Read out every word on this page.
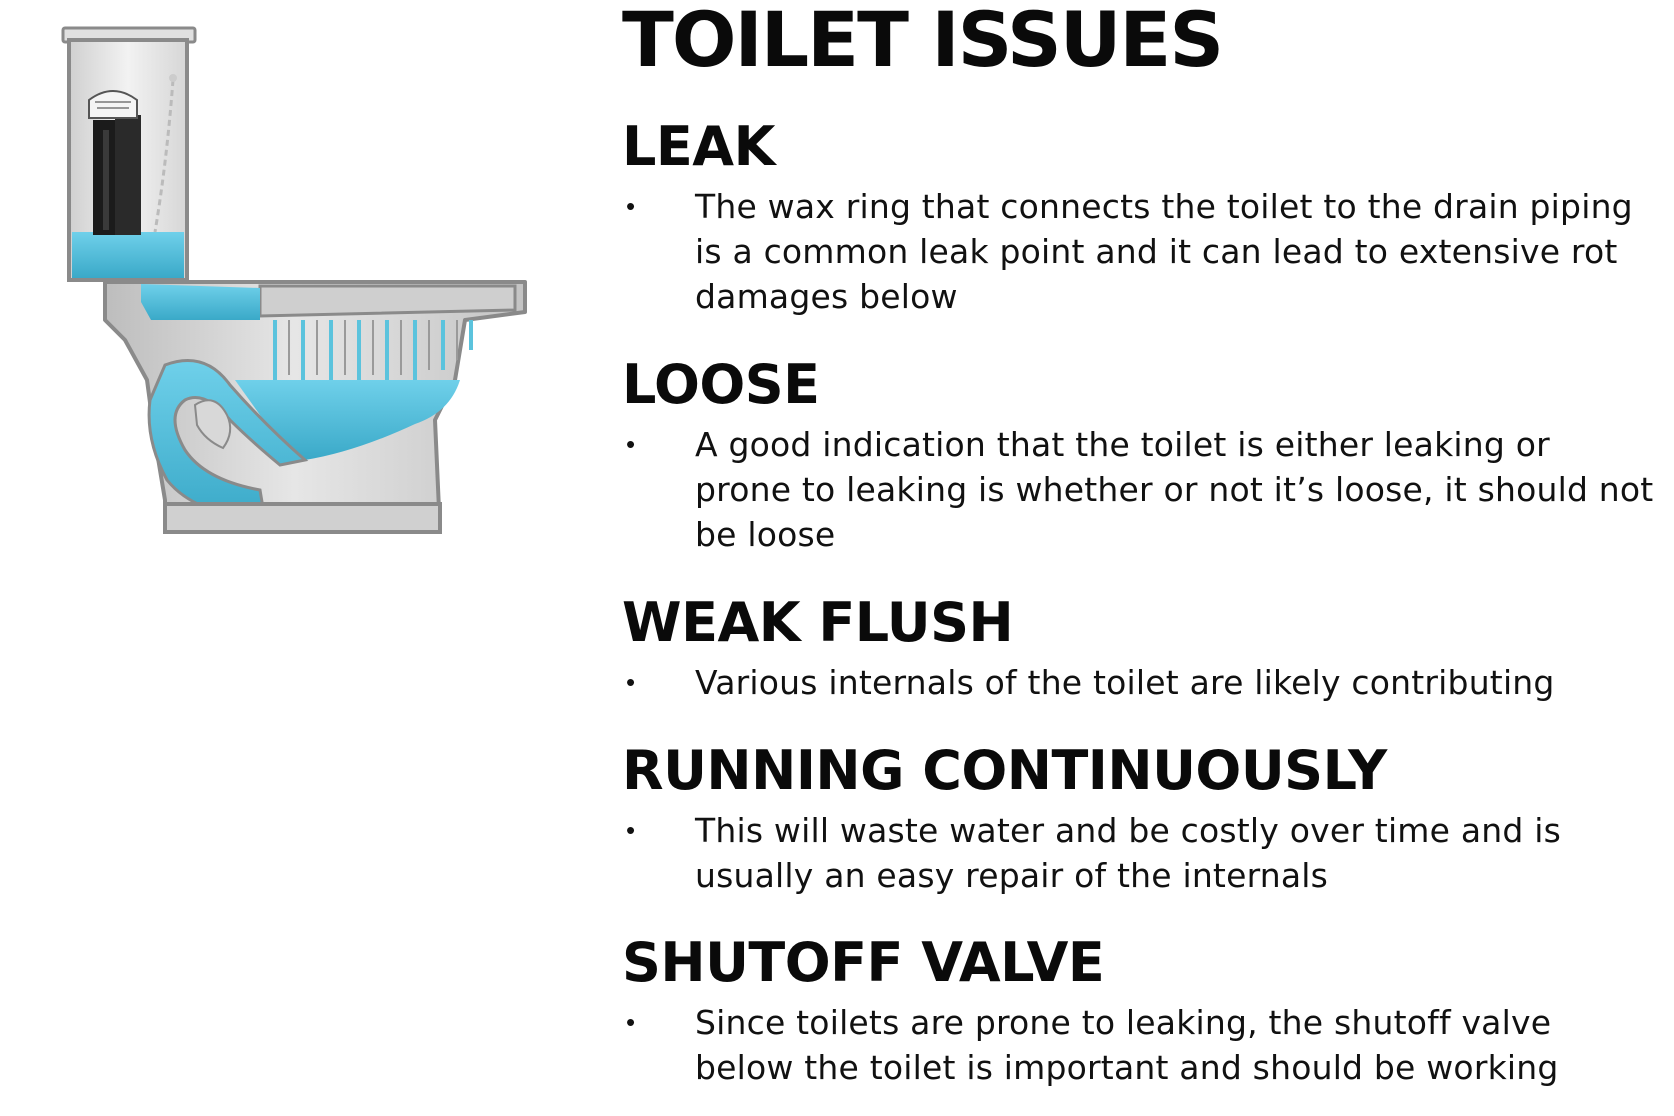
TOILET ISSUES
LEAK
• The wax ring that connects the toilet to the drain piping is a common leak point and it can lead to extensive rot damages below
LOOSE
• A good indication that the toilet is either leaking or prone to leaking is whether or not it’s loose, it should not be loose
WEAK FLUSH
• Various internals of the toilet are likely contributing
RUNNING CONTINUOUSLY
• This will waste water and be costly over time and is usually an easy repair of the internals
SHUTOFF VALVE
• Since toilets are prone to leaking, the shutoff valve below the toilet is important and should be working
